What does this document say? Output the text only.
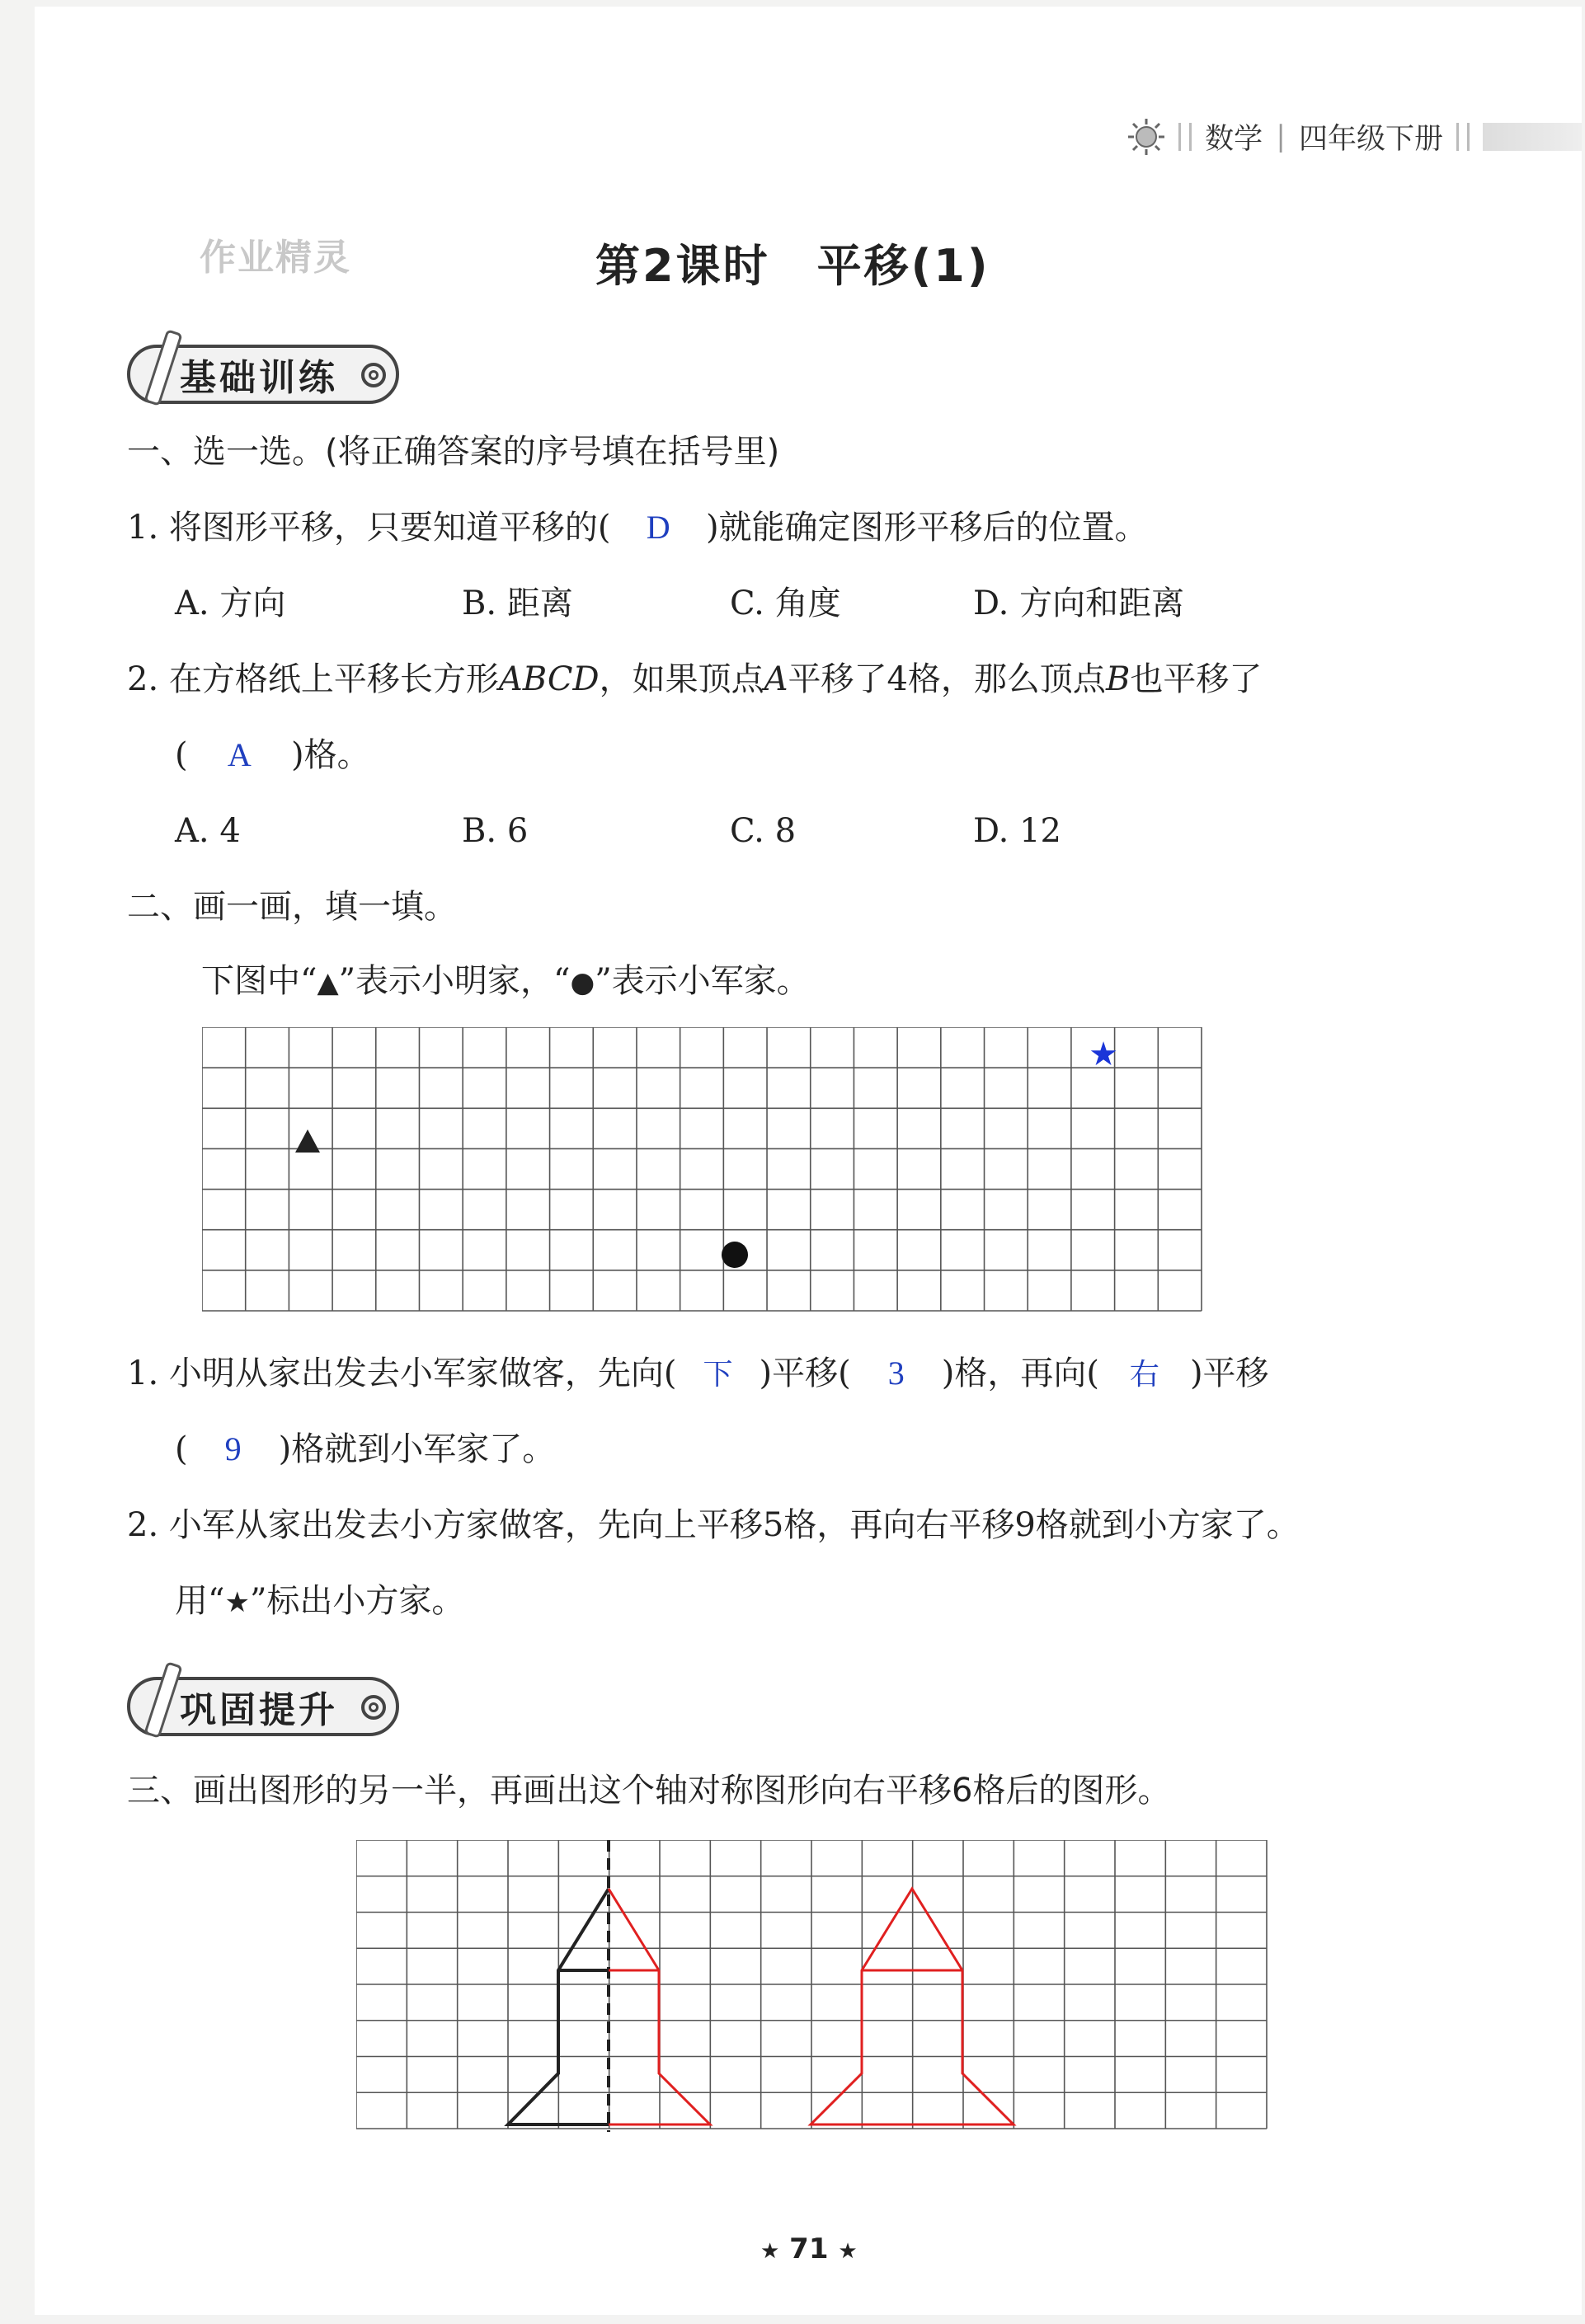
数学 | 四年级下册
作业精灵	第2课时　平移(1)
基础训练
一、选一选。(将正确答案的序号填在括号里)
1. 将图形平移，只要知道平移的( D )就能确定图形平移后的位置。
A. 方向	B. 距离	C. 角度	D. 方向和距离
2. 在方格纸上平移长方形ABCD，如果顶点A平移了4格，那么顶点B也平移了
( A )格。
A. 4	B. 6	C. 8	D. 12
二、画一画，填一填。
下图中“▲”表示小明家，“●”表示小军家。
★
1. 小明从家出发去小军家做客，先向( 下 )平移( 3 )格，再向( 右 )平移
( 9 )格就到小军家了。
2. 小军从家出发去小方家做客，先向上平移5格，再向右平移9格就到小方家了。
用“★”标出小方家。
巩固提升
三、画出图形的另一半，再画出这个轴对称图形向右平移6格后的图形。
★ 71 ★
